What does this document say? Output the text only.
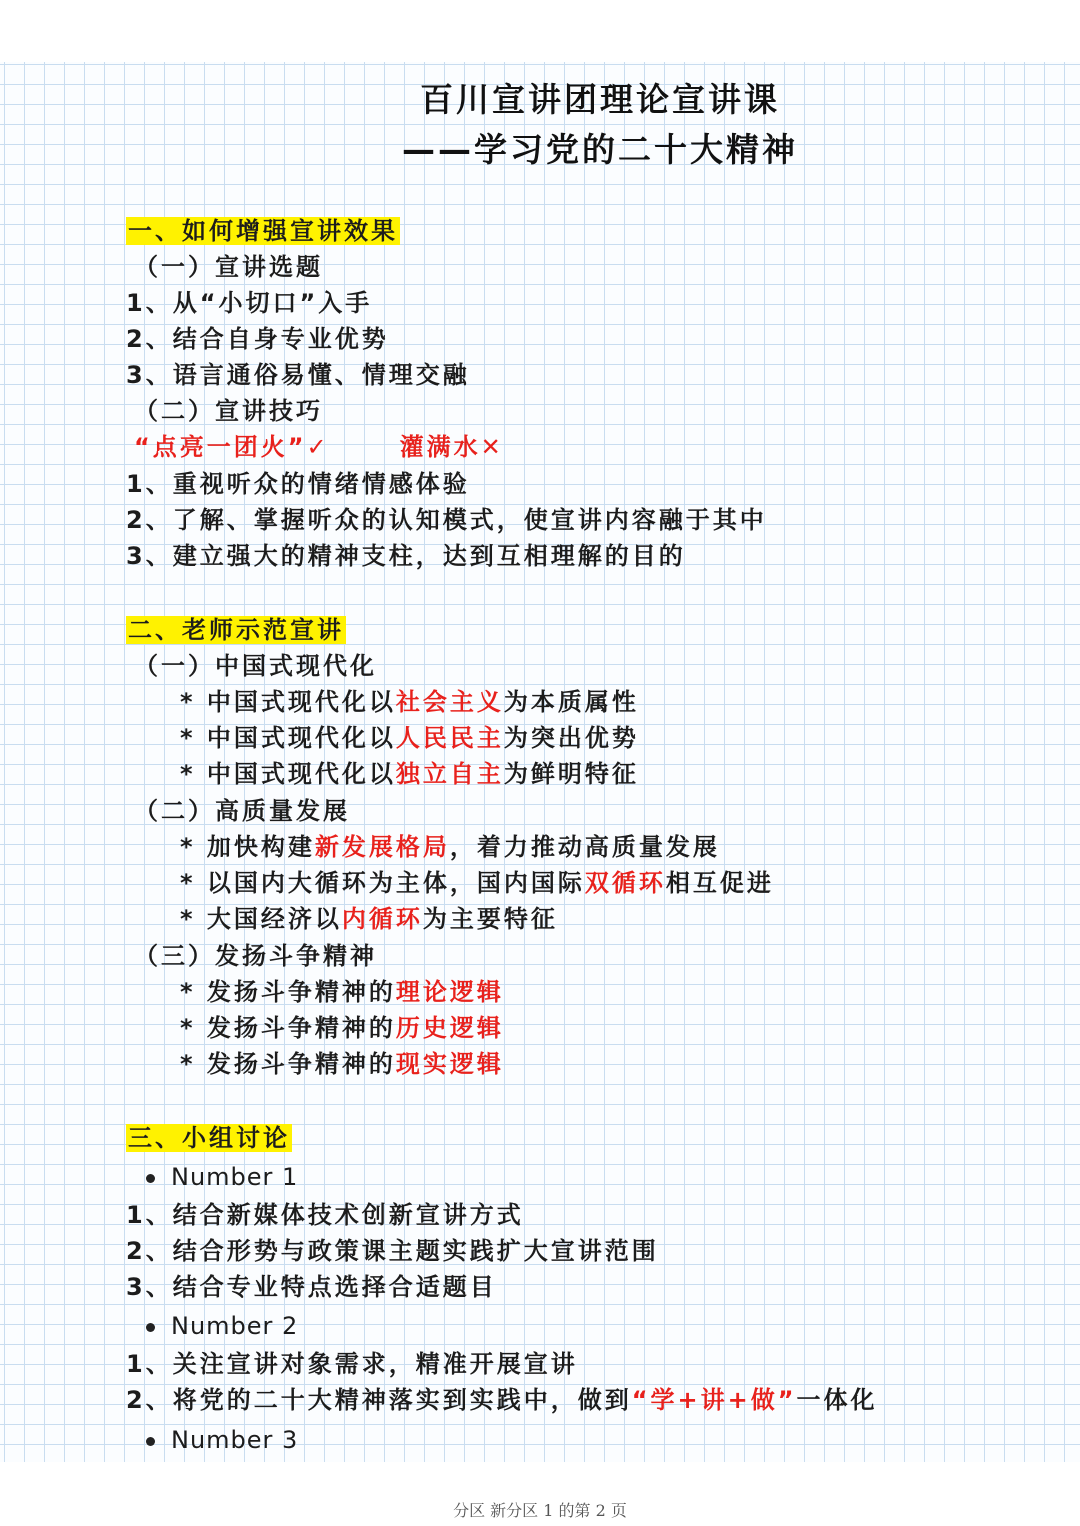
百川宣讲团理论宣讲课
——学习党的二十大精神
一、如何增强宣讲效果
（一）宣讲选题
1、从“小切口”入手
2、结合自身专业优势
3、语言通俗易懂、情理交融
（二）宣讲技巧
“点亮一团火”✓	灌满水✕
1、重视听众的情绪情感体验
2、了解、掌握听众的认知模式，使宣讲内容融于其中
3、建立强大的精神支柱，达到互相理解的目的
二、老师示范宣讲
（一）中国式现代化
* 中国式现代化以社会主义为本质属性
* 中国式现代化以人民民主为突出优势
* 中国式现代化以独立自主为鲜明特征
（二）高质量发展
* 加快构建新发展格局，着力推动高质量发展
* 以国内大循环为主体，国内国际双循环相互促进
* 大国经济以内循环为主要特征
（三）发扬斗争精神
* 发扬斗争精神的理论逻辑
* 发扬斗争精神的历史逻辑
* 发扬斗争精神的现实逻辑
三、小组讨论
Number 1
1、结合新媒体技术创新宣讲方式
2、结合形势与政策课主题实践扩大宣讲范围
3、结合专业特点选择合适题目
Number 2
1、关注宣讲对象需求，精准开展宣讲
2、将党的二十大精神落实到实践中，做到“学+讲+做”一体化
Number 3
分区 新分区 1 的第 2 页
